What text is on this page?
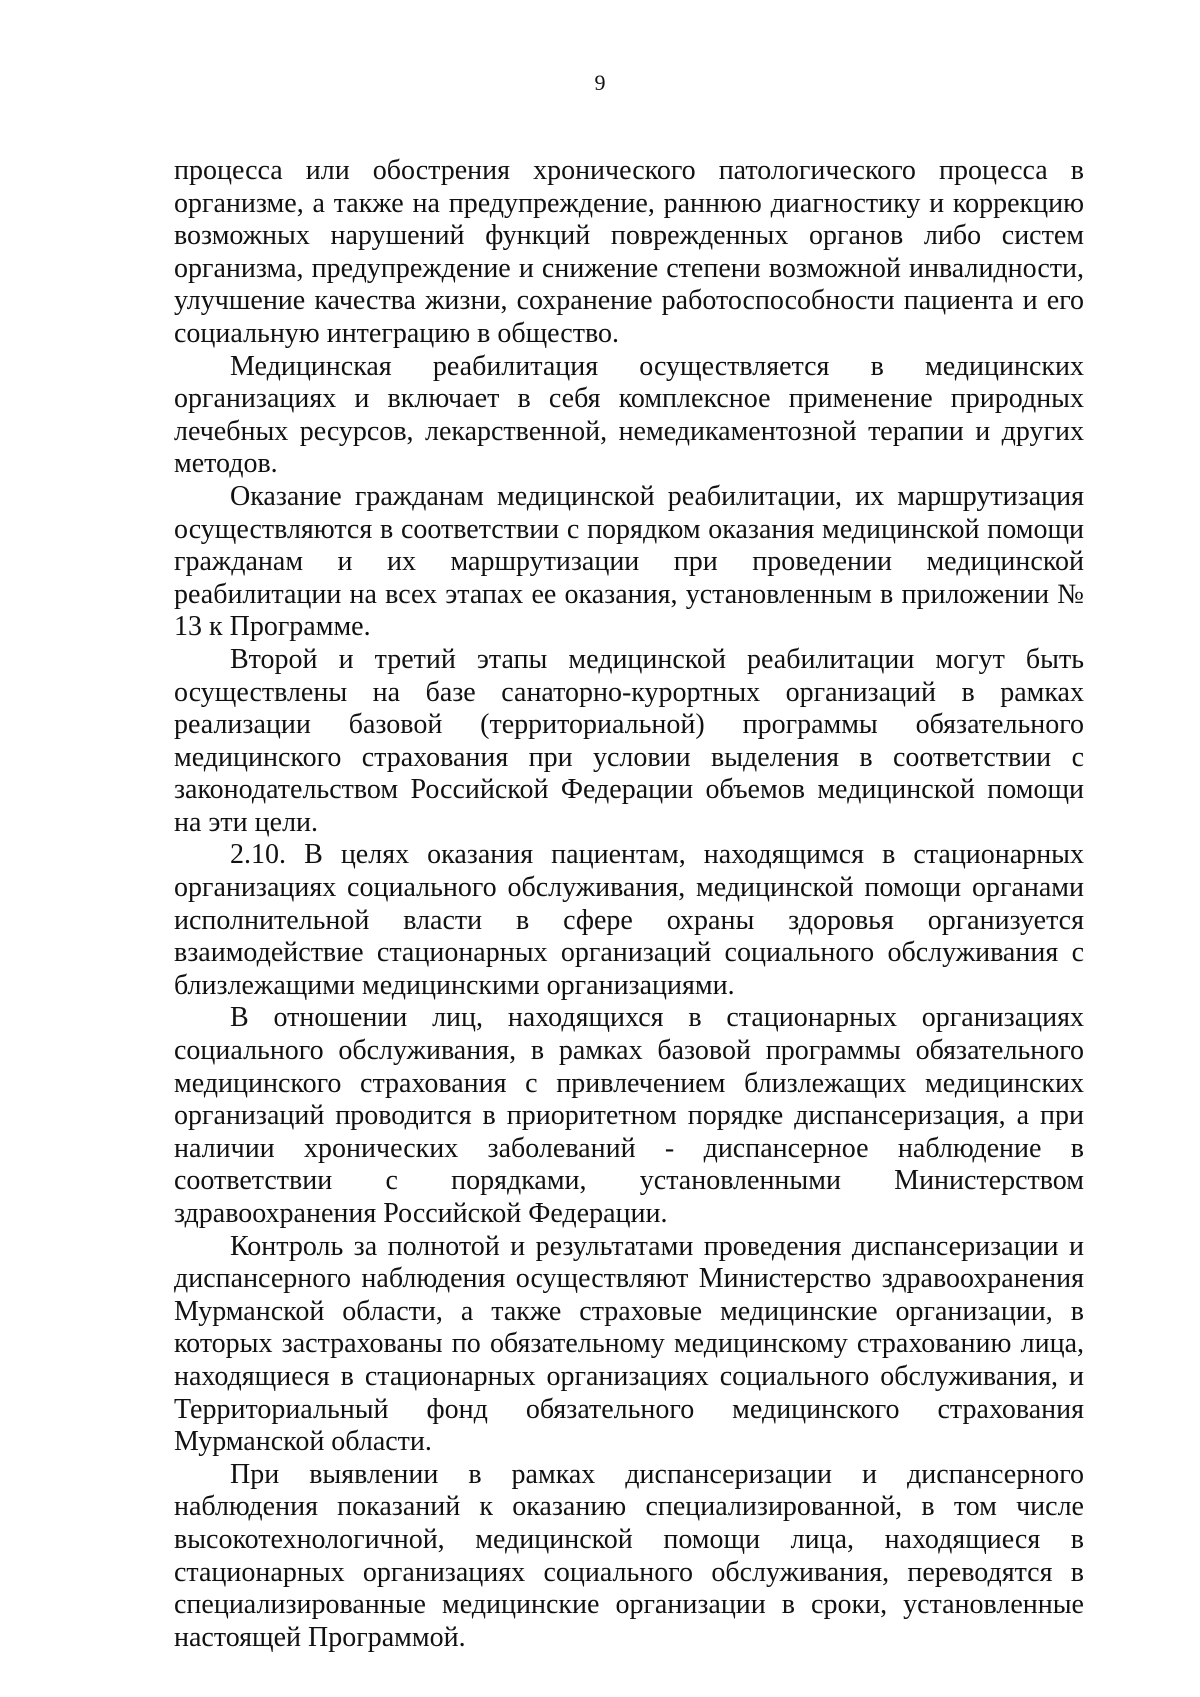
9

процесса или обострения хронического патологического процесса в организме, а также на предупреждение, раннюю диагностику и коррекцию возможных нарушений функций поврежденных органов либо систем организма, предупреждение и снижение степени возможной инвалидности, улучшение качества жизни, сохранение работоспособности пациента и его социальную интеграцию в общество.

Медицинская реабилитация осуществляется в медицинских организациях и включает в себя комплексное применение природных лечебных ресурсов, лекарственной, немедикаментозной терапии и других методов.

Оказание гражданам медицинской реабилитации, их маршрутизация осуществляются в соответствии с порядком оказания медицинской помощи гражданам и их маршрутизации при проведении медицинской реабилитации на всех этапах ее оказания, установленным в приложении № 13 к Программе.

Второй и третий этапы медицинской реабилитации могут быть осуществлены на базе санаторно-курортных организаций в рамках реализации базовой (территориальной) программы обязательного медицинского страхования при условии выделения в соответствии с законодательством Российской Федерации объемов медицинской помощи на эти цели.

2.10. В целях оказания пациентам, находящимся в стационарных организациях социального обслуживания, медицинской помощи органами исполнительной власти в сфере охраны здоровья организуется взаимодействие стационарных организаций социального обслуживания с близлежащими медицинскими организациями.

В отношении лиц, находящихся в стационарных организациях социального обслуживания, в рамках базовой программы обязательного медицинского страхования с привлечением близлежащих медицинских организаций проводится в приоритетном порядке диспансеризация, а при наличии хронических заболеваний - диспансерное наблюдение в соответствии с порядками, установленными Министерством здравоохранения Российской Федерации.

Контроль за полнотой и результатами проведения диспансеризации и диспансерного наблюдения осуществляют Министерство здравоохранения Мурманской области, а также страховые медицинские организации, в которых застрахованы по обязательному медицинскому страхованию лица, находящиеся в стационарных организациях социального обслуживания, и Территориальный фонд обязательного медицинского страхования Мурманской области.

При выявлении в рамках диспансеризации и диспансерного наблюдения показаний к оказанию специализированной, в том числе высокотехнологичной, медицинской помощи лица, находящиеся в стационарных организациях социального обслуживания, переводятся в специализированные медицинские организации в сроки, установленные настоящей Программой.
